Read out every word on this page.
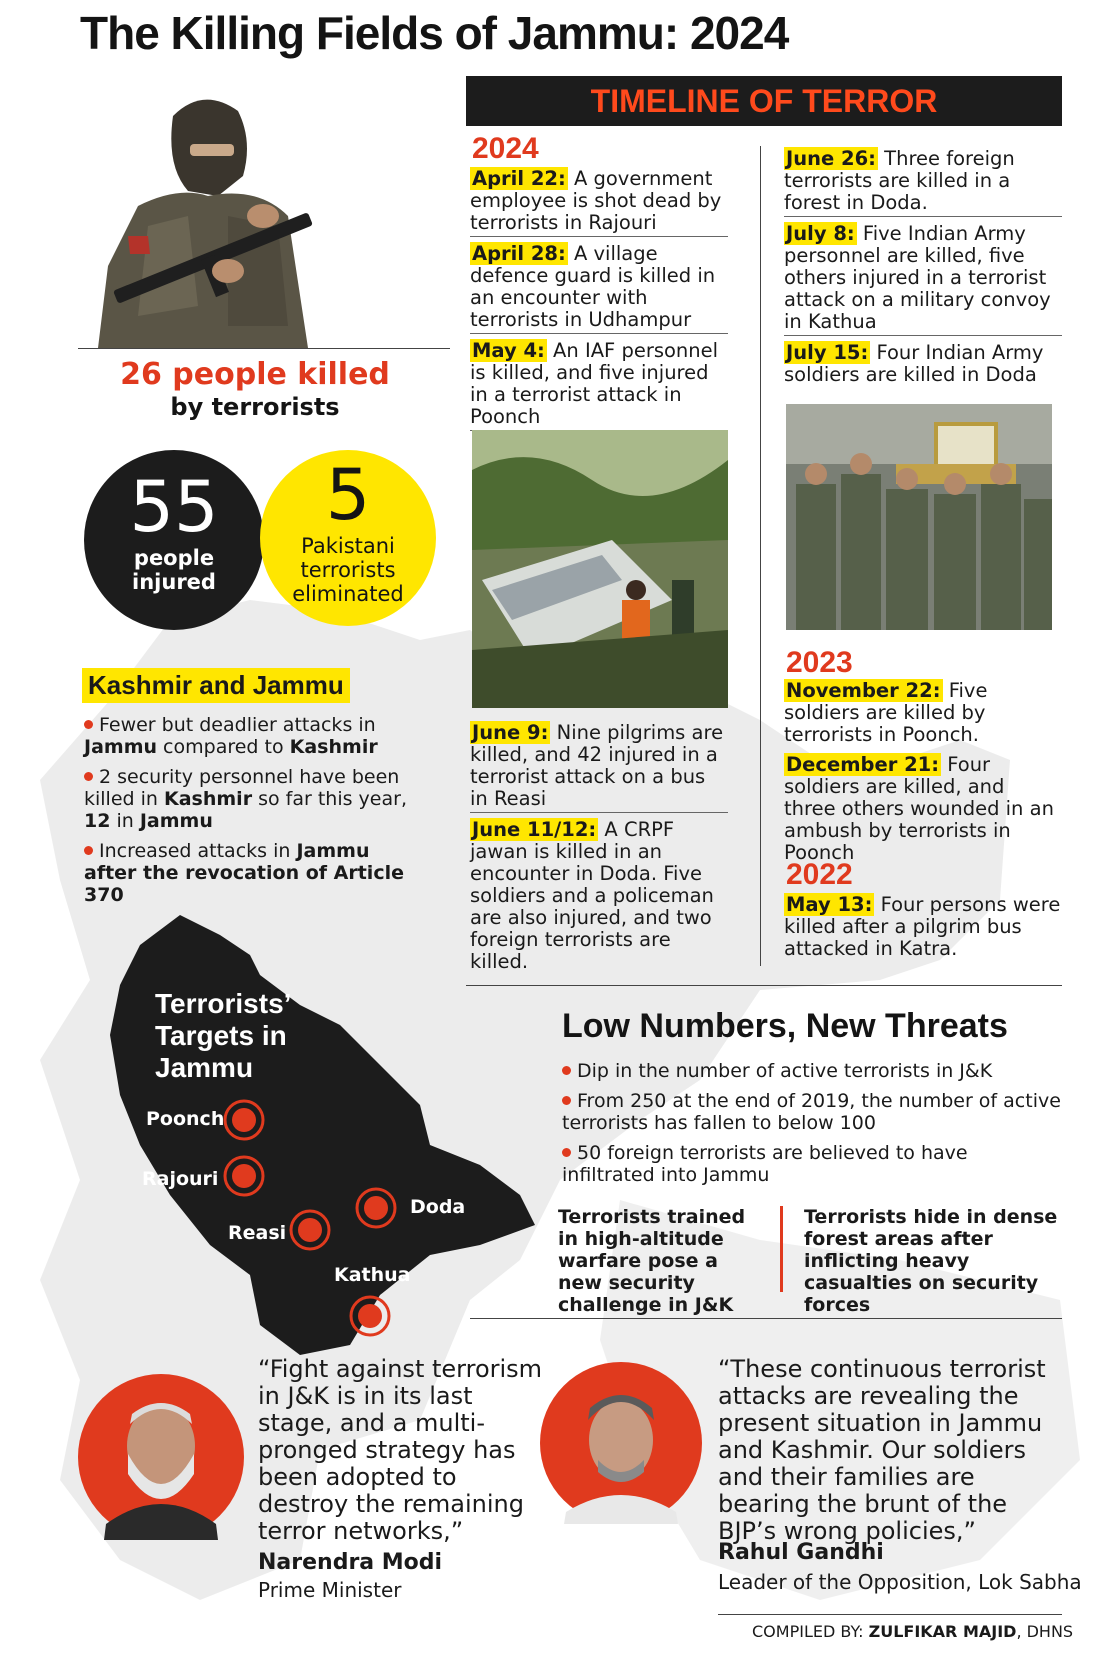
The Killing Fields of Jammu: 2024
26 people killed
by terrorists
55
people
injured
5
Pakistani
terrorists
eliminated
Kashmir and Jammu
Fewer but deadlier attacks in Jammu compared to Kashmir
2 security personnel have been killed in Kashmir so far this year, 12 in Jammu
Increased attacks in Jammu after the revocation of Article 370
Terrorists’
Targets in
Jammu
Poonch
Rajouri
Reasi
Doda
Kathua
TIMELINE OF TERROR
2024
April 22: A government employee is shot dead by terrorists in Rajouri
April 28: A village defence guard is killed in an encounter with terrorists in Udhampur
May 4: An IAF personnel is killed, and five injured in a terrorist attack in Poonch
June 9: Nine pilgrims are killed, and 42 injured in a terrorist attack on a bus in Reasi
June 11/12: A CRPF jawan is killed in an encounter in Doda. Five soldiers and a policeman are also injured, and two foreign terrorists are killed.
June 26: Three foreign terrorists are killed in a forest in Doda.
July 8: Five Indian Army personnel are killed, five others injured in a terrorist attack on a military convoy in Kathua
July 15: Four Indian Army soldiers are killed in Doda
2023
November 22: Five soldiers are killed by terrorists in Poonch.
December 21: Four soldiers are killed, and three others wounded in an ambush by terrorists in Poonch
2022
May 13: Four persons were killed after a pilgrim bus attacked in Katra.
Low Numbers, New Threats
Dip in the number of active terrorists in J&K
From 250 at the end of 2019, the number of active terrorists has fallen to below 100
50 foreign terrorists are believed to have infiltrated into Jammu
Terrorists trained in high-altitude warfare pose a new security challenge in J&K
Terrorists hide in dense forest areas after inflicting heavy casualties on security forces
“Fight against terrorism in J&K is in its last stage, and a multi-pronged strategy has been adopted to destroy the remaining terror networks,”
Narendra Modi
Prime Minister
“These continuous terrorist attacks are revealing the present situation in Jammu and Kashmir. Our soldiers and their families are bearing the brunt of the BJP’s wrong policies,”
Rahul Gandhi
Leader of the Opposition, Lok Sabha
COMPILED BY: ZULFIKAR MAJID, DHNS
